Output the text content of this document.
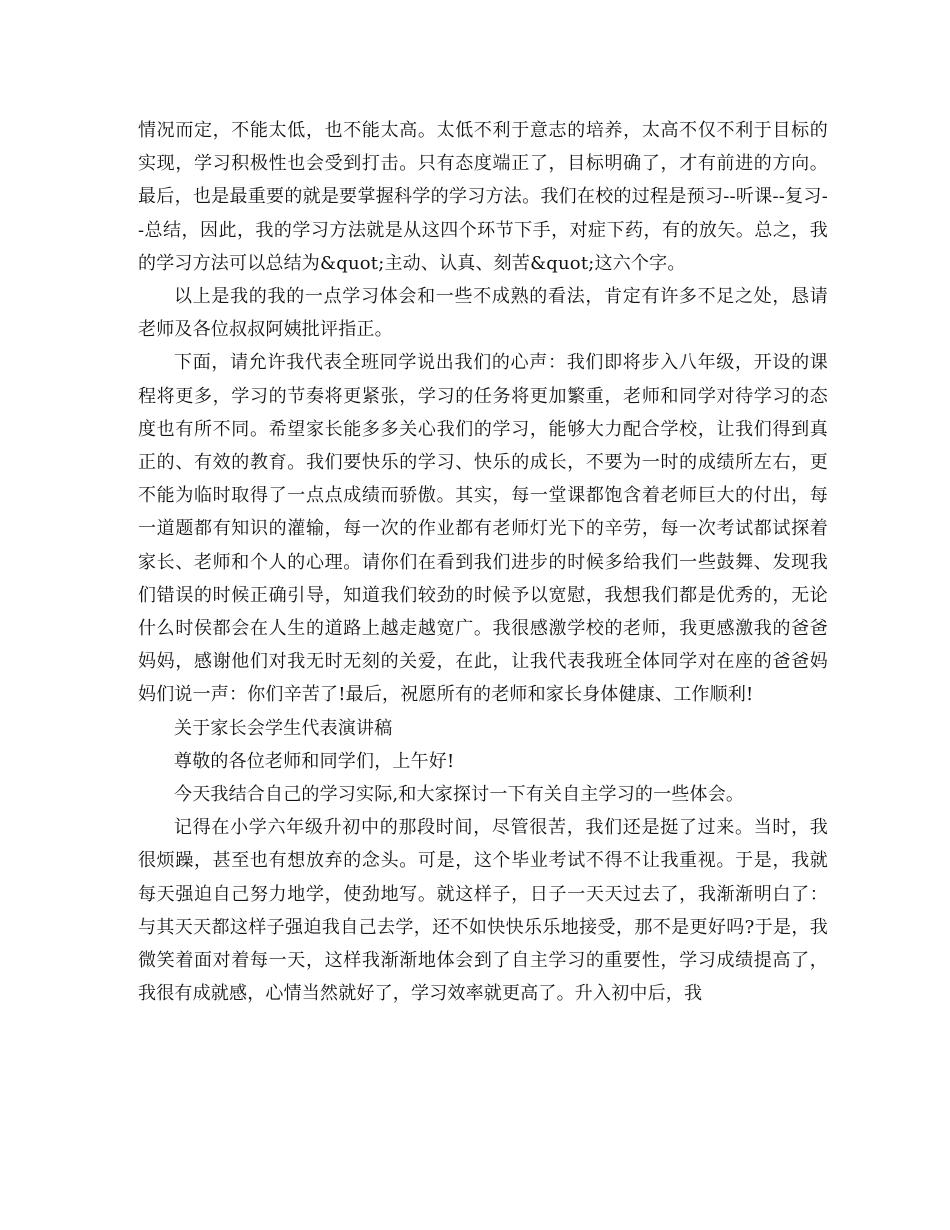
情况而定，不能太低，也不能太高。太低不利于意志的培养，太高不仅不利于目标的实现，学习积极性也会受到打击。只有态度端正了，目标明确了，才有前进的方向。最后，也是最重要的就是要掌握科学的学习方法。我们在校的过程是预习--听课--复习--总结，因此，我的学习方法就是从这四个环节下手，对症下药，有的放矢。总之，我的学习方法可以总结为&quot;主动、认真、刻苦&quot;这六个字。

以上是我的我的一点学习体会和一些不成熟的看法，肯定有许多不足之处，恳请老师及各位叔叔阿姨批评指正。

下面，请允许我代表全班同学说出我们的心声：我们即将步入八年级，开设的课程将更多，学习的节奏将更紧张，学习的任务将更加繁重，老师和同学对待学习的态度也有所不同。希望家长能多多关心我们的学习，能够大力配合学校，让我们得到真正的、有效的教育。我们要快乐的学习、快乐的成长，不要为一时的成绩所左右，更不能为临时取得了一点点成绩而骄傲。其实，每一堂课都饱含着老师巨大的付出，每一道题都有知识的灌输，每一次的作业都有老师灯光下的辛劳，每一次考试都试探着家长、老师和个人的心理。请你们在看到我们进步的时候多给我们一些鼓舞、发现我们错误的时候正确引导，知道我们较劲的时候予以宽慰，我想我们都是优秀的，无论什么时侯都会在人生的道路上越走越宽广。我很感激学校的老师，我更感激我的爸爸妈妈，感谢他们对我无时无刻的关爱，在此，让我代表我班全体同学对在座的爸爸妈妈们说一声：你们辛苦了!最后，祝愿所有的老师和家长身体健康、工作顺利!

关于家长会学生代表演讲稿

尊敬的各位老师和同学们，上午好!

今天我结合自己的学习实际,和大家探讨一下有关自主学习的一些体会。

记得在小学六年级升初中的那段时间，尽管很苦，我们还是挺了过来。当时，我很烦躁，甚至也有想放弃的念头。可是，这个毕业考试不得不让我重视。于是，我就每天强迫自己努力地学，使劲地写。就这样子，日子一天天过去了，我渐渐明白了：与其天天都这样子强迫我自己去学，还不如快快乐乐地接受，那不是更好吗?于是，我微笑着面对着每一天，这样我渐渐地体会到了自主学习的重要性，学习成绩提高了，我很有成就感，心情当然就好了，学习效率就更高了。升入初中后，我
